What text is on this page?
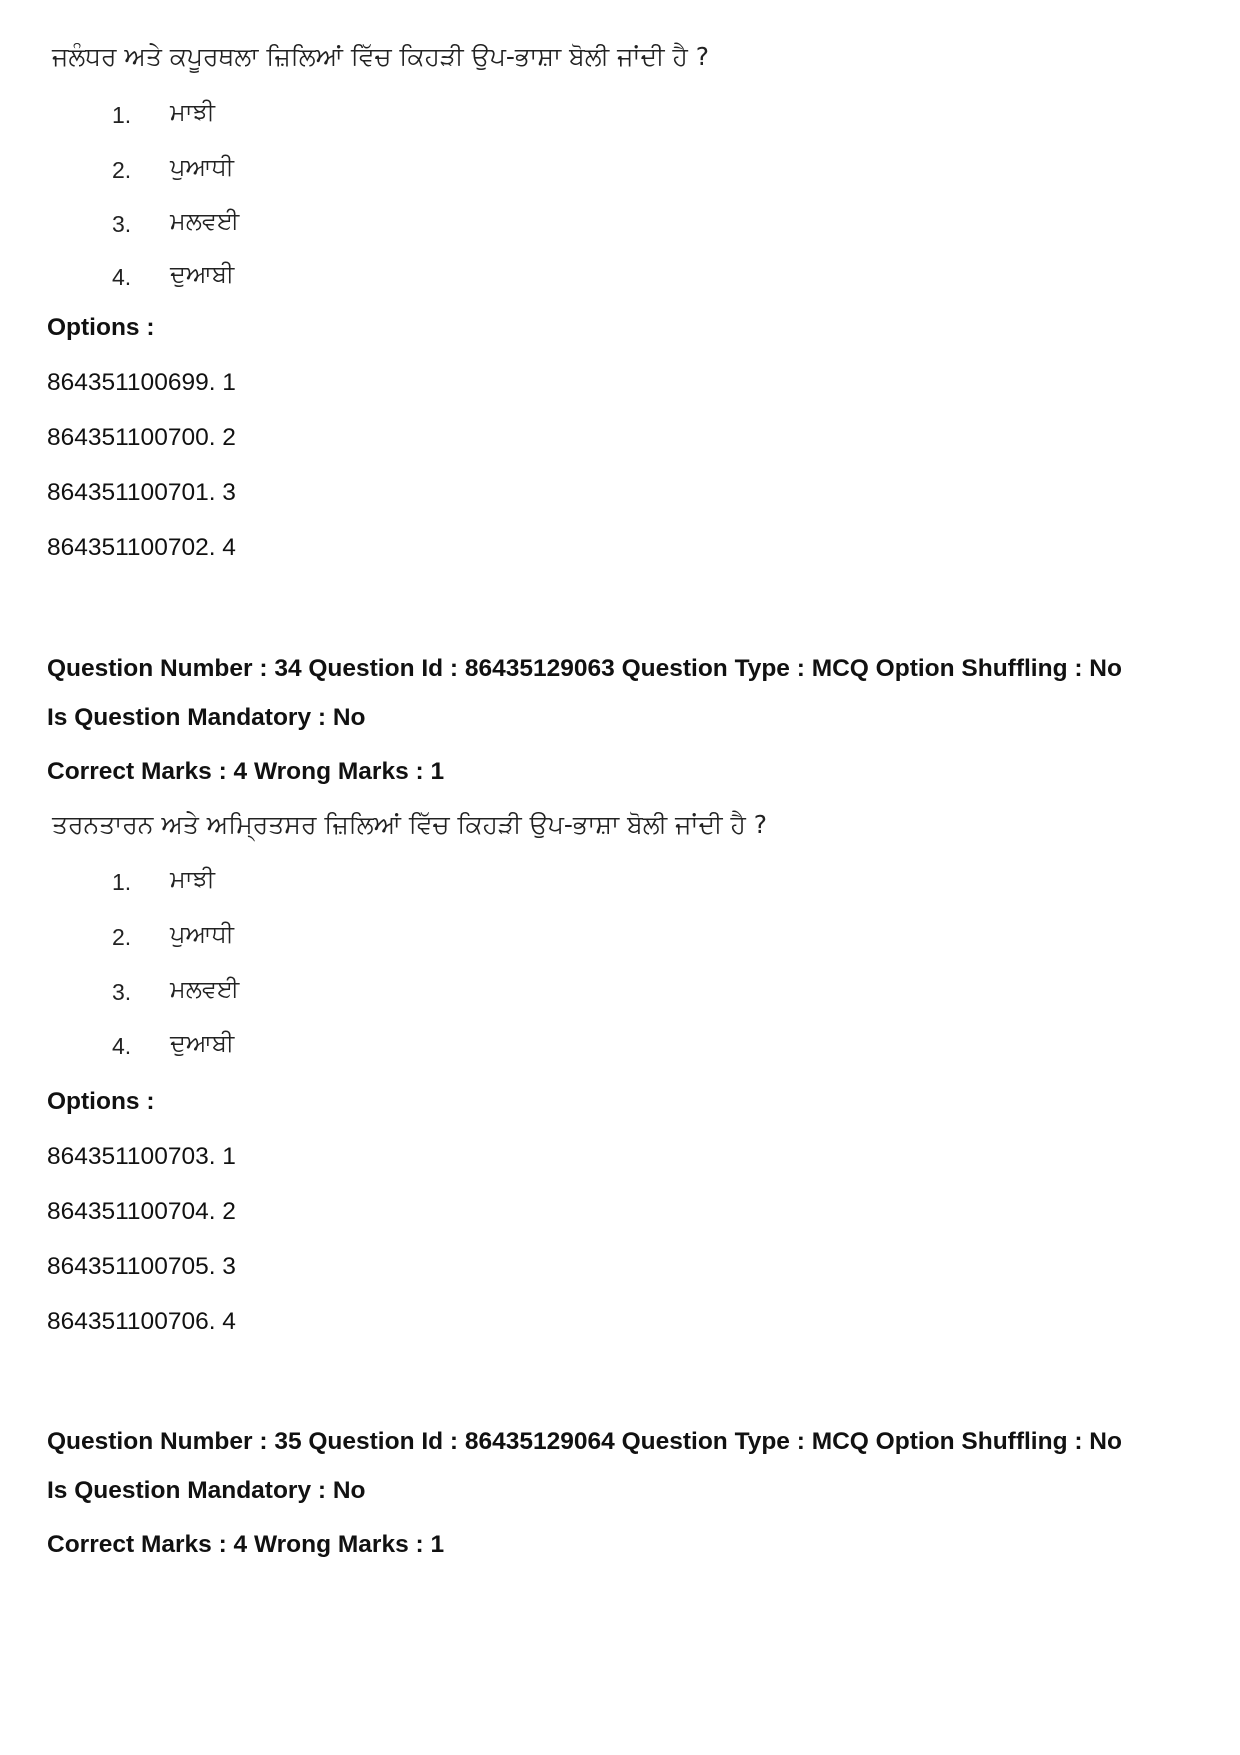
ਜਲੰਧਰ ਅਤੇ ਕਪੂਰਥਲਾ ਜ਼ਿਲਿਆਂ ਵਿੱਚ ਕਿਹੜੀ ਉਪ-ਭਾਸ਼ਾ ਬੋਲੀ ਜਾਂਦੀ ਹੈ ?
1. ਮਾਝੀ
2. ਪੁਆਧੀ
3. ਮਲਵਈ
4. ਦੁਆਬੀ
Options :
864351100699. 1
864351100700. 2
864351100701. 3
864351100702. 4
Question Number : 34 Question Id : 86435129063 Question Type : MCQ Option Shuffling : No
Is Question Mandatory : No
Correct Marks : 4 Wrong Marks : 1
ਤਰਨਤਾਰਨ ਅਤੇ ਅਮ੍ਰਿਤਸਰ ਜ਼ਿਲਿਆਂ ਵਿੱਚ ਕਿਹੜੀ ਉਪ-ਭਾਸ਼ਾ ਬੋਲੀ ਜਾਂਦੀ ਹੈ ?
1. ਮਾਝੀ
2. ਪੁਆਧੀ
3. ਮਲਵਈ
4. ਦੁਆਬੀ
Options :
864351100703. 1
864351100704. 2
864351100705. 3
864351100706. 4
Question Number : 35 Question Id : 86435129064 Question Type : MCQ Option Shuffling : No
Is Question Mandatory : No
Correct Marks : 4 Wrong Marks : 1
